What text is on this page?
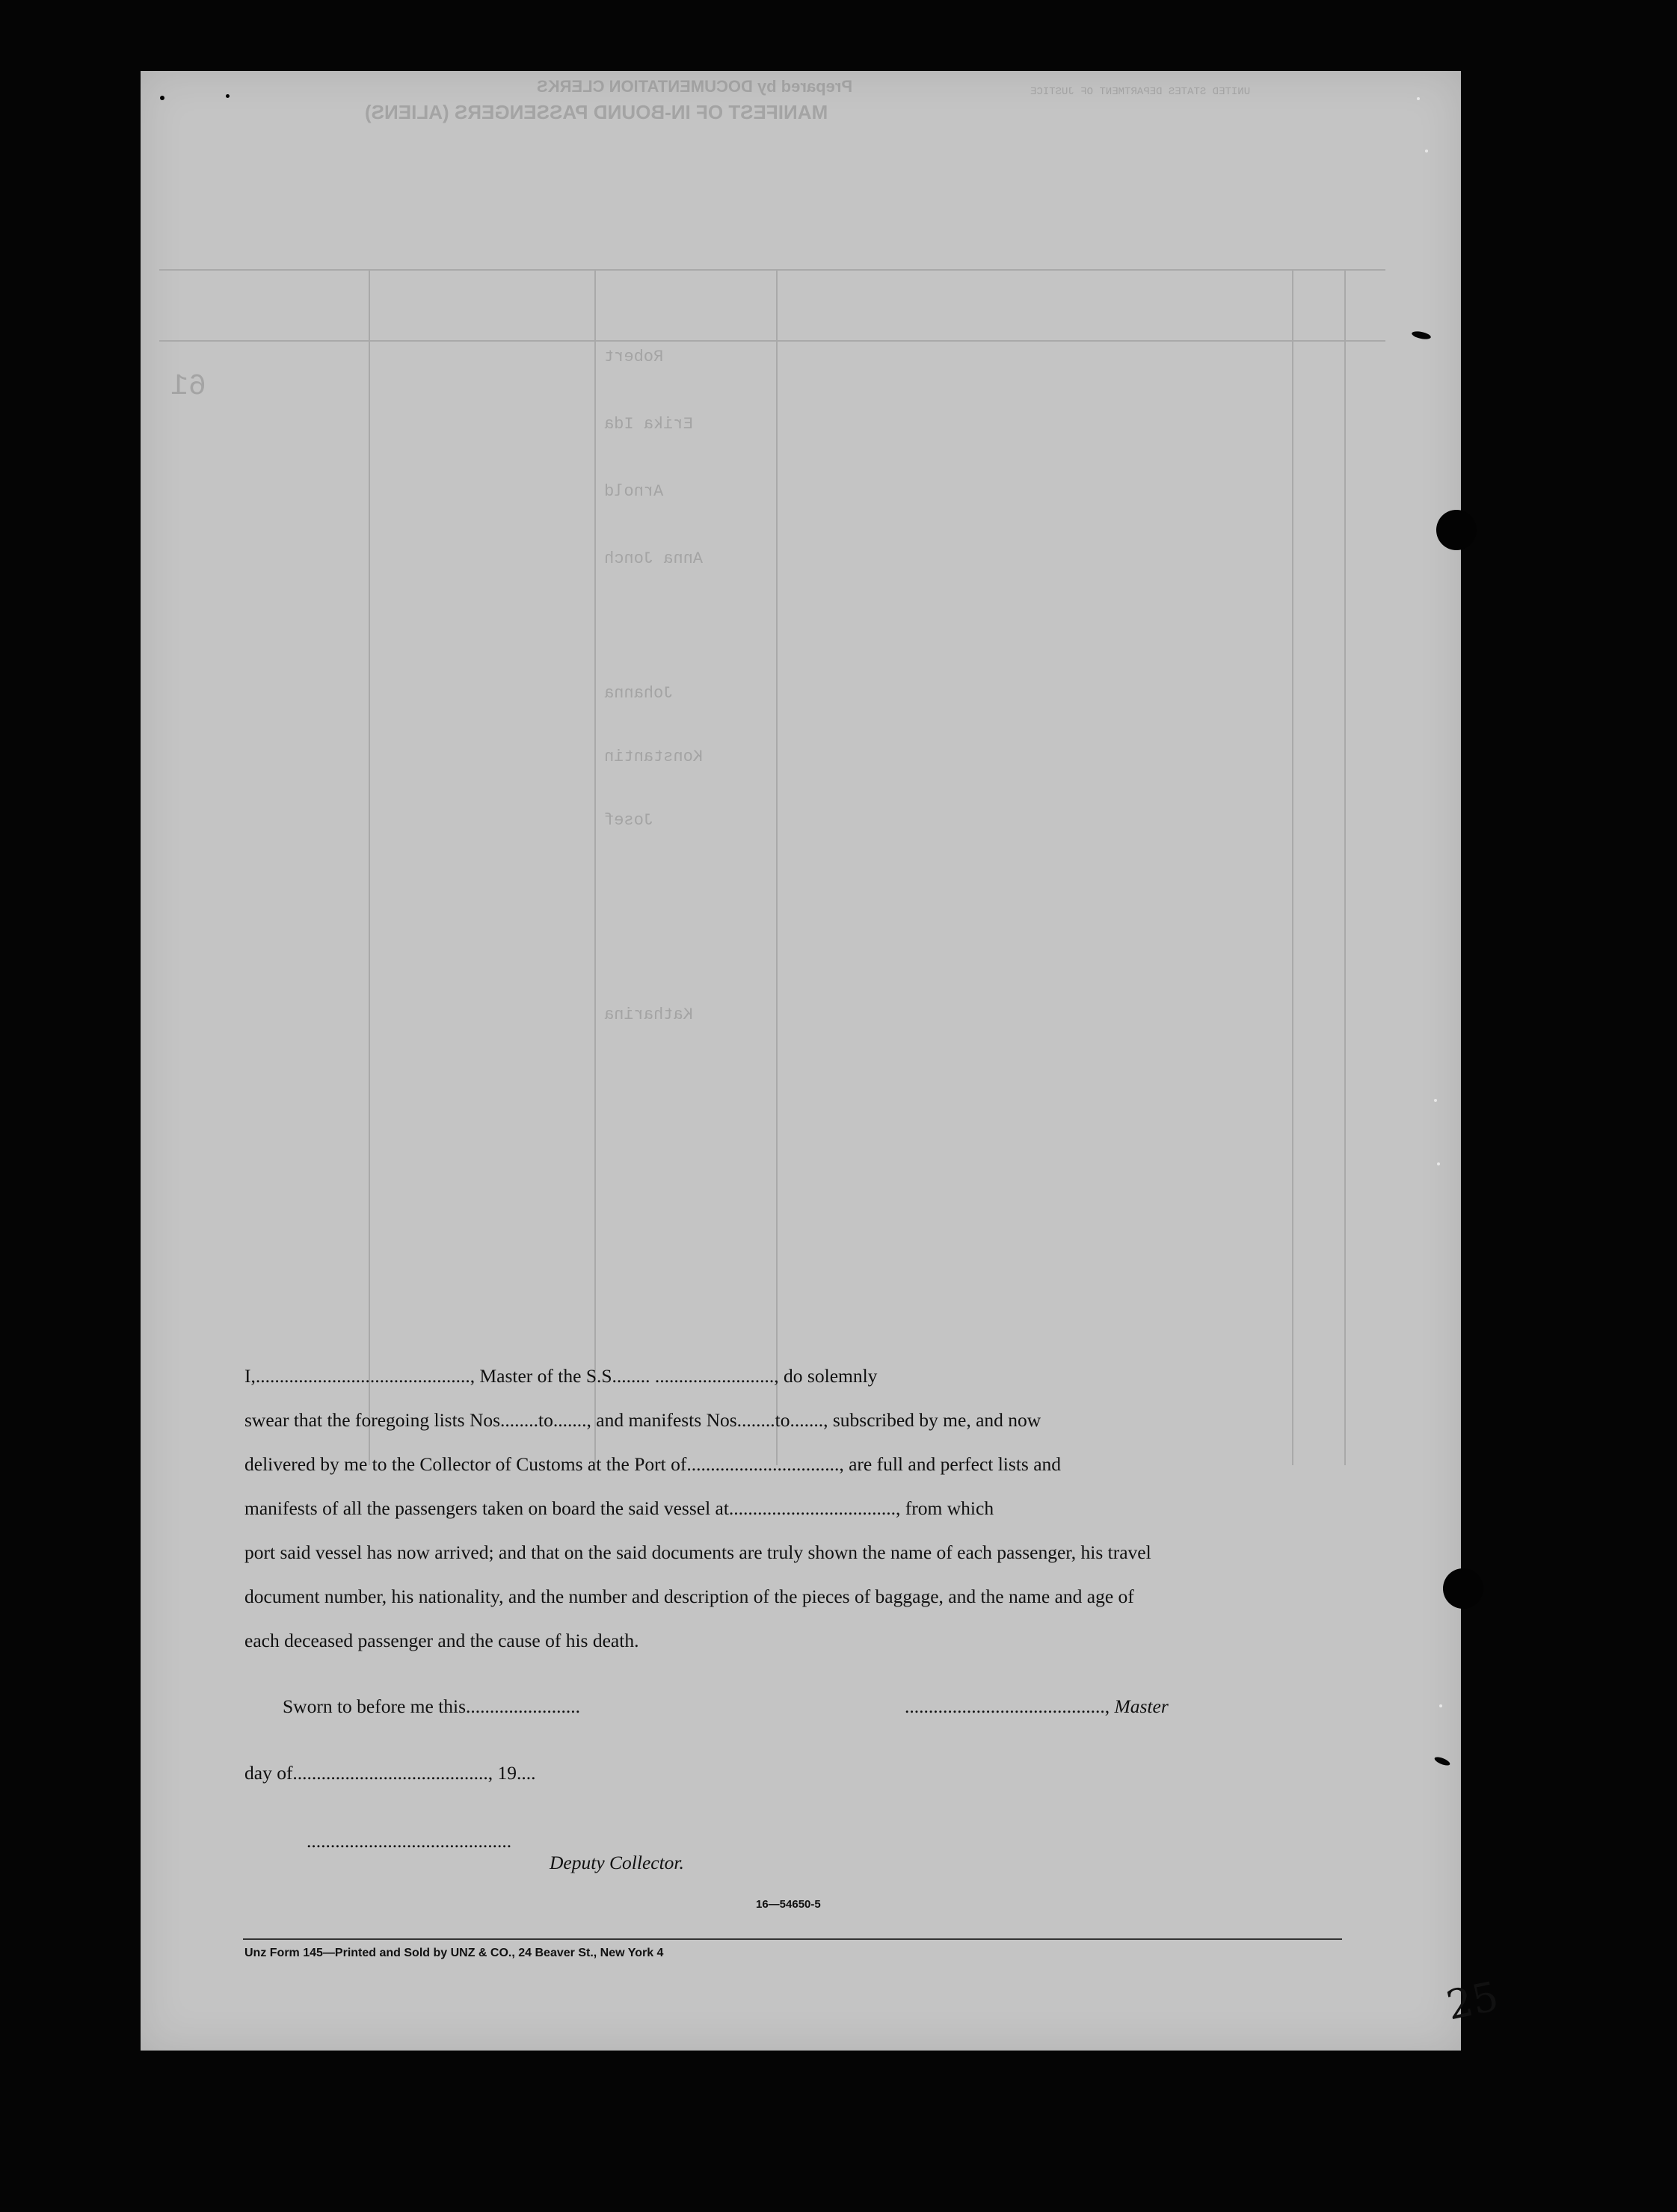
MANIFEST OF IN-BOUND PASSENGERS (ALIENS)
Prepared by DOCUMENTATION CLERKS	UNITED STATES DEPARTMENT OF JUSTICE
61
Robert
Erika Ida
Arnold
Anna Jonch
Johanna
Konstantin
Josef
Katharina
I,............................................., Master of the S.S........ ........................., do solemnly
swear that the foregoing lists Nos........to......., and manifests Nos........to......., subscribed by me, and now
delivered by me to the Collector of Customs at the Port of................................, are full and perfect lists and
manifests of all the passengers taken on board the said vessel at..................................., from which
port said vessel has now arrived; and that on the said documents are truly shown the name of each passenger, his travel
document number, his nationality, and the number and description of the pieces of baggage, and the name and age of
each deceased passenger and the cause of his death.
Sworn to before me this........................	.........................................., Master
day of........................................., 19....
...........................................
Deputy Collector.
16—54650-5
Unz Form 145—Printed and Sold by UNZ & CO., 24 Beaver St., New York 4
25
